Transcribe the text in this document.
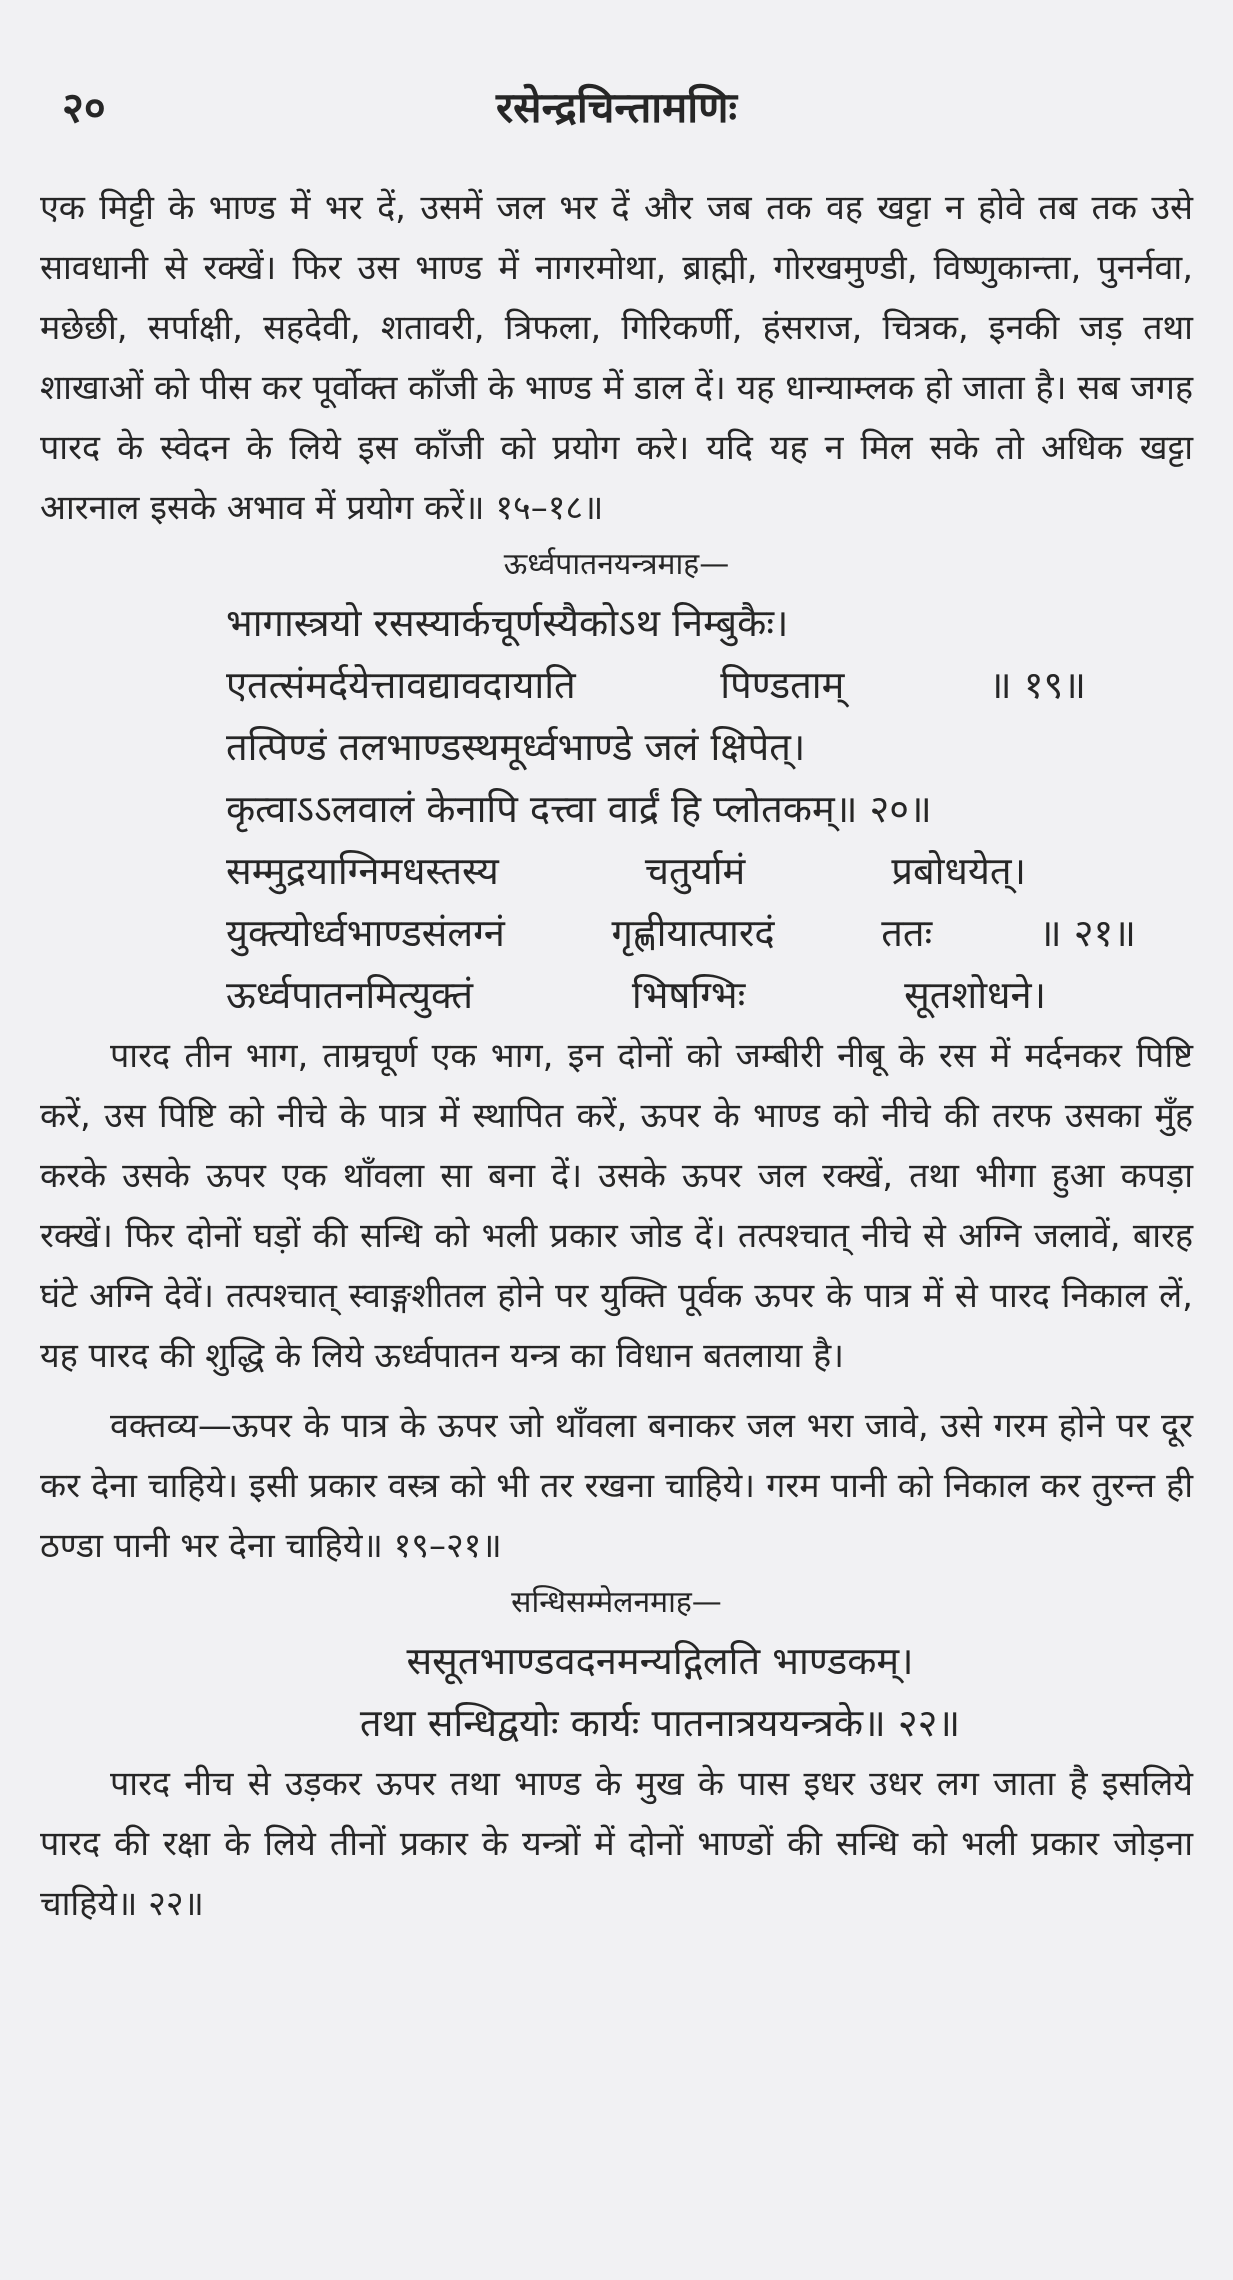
२०	रसेन्द्रचिन्तामणिः

एक मिट्टी के भाण्ड में भर दें, उसमें जल भर दें और जब तक वह खट्टा न होवे तब तक उसे सावधानी से रक्खें। फिर उस भाण्ड में नागरमोथा, ब्राह्मी, गोरखमुण्डी, विष्णुकान्ता, पुनर्नवा, मछेछी, सर्पाक्षी, सहदेवी, शतावरी, त्रिफला, गिरिकर्णी, हंसराज, चित्रक, इनकी जड़ तथा शाखाओं को पीस कर पूर्वोक्त काँजी के भाण्ड में डाल दें। यह धान्याम्लक हो जाता है। सब जगह पारद के स्वेदन के लिये इस काँजी को प्रयोग करे। यदि यह न मिल सके तो अधिक खट्टा आरनाल इसके अभाव में प्रयोग करें॥ १५–१८॥

ऊर्ध्वपातनयन्त्रमाह—
भागास्त्रयो रसस्यार्कचूर्णस्यैकोऽथ निम्बुकैः।
एतत्संमर्दयेत्तावद्यावदायाति	पिण्डताम्	॥ १९॥
तत्पिण्डं तलभाण्डस्थमूर्ध्वभाण्डे जलं क्षिपेत्।
कृत्वाऽऽलवालं केनापि दत्त्वा वार्द्रं हि प्लोतकम्॥ २०॥
सम्मुद्रयाग्निमधस्तस्य	चतुर्यामं	प्रबोधयेत्।
युक्त्योर्ध्वभाण्डसंलग्नं	गृह्णीयात्पारदं	ततः	॥ २१॥
ऊर्ध्वपातनमित्युक्तं	भिषग्भिः	सूतशोधने।

पारद तीन भाग, ताम्रचूर्ण एक भाग, इन दोनों को जम्बीरी नीबू के रस में मर्दनकर पिष्टि करें, उस पिष्टि को नीचे के पात्र में स्थापित करें, ऊपर के भाण्ड को नीचे की तरफ उसका मुँह करके उसके ऊपर एक थाँवला सा बना दें। उसके ऊपर जल रक्खें, तथा भीगा हुआ कपड़ा रक्खें। फिर दोनों घड़ों की सन्धि को भली प्रकार जोड दें। तत्पश्चात् नीचे से अग्नि जलावें, बारह घंटे अग्नि देवें। तत्पश्चात् स्वाङ्गशीतल होने पर युक्ति पूर्वक ऊपर के पात्र में से पारद निकाल लें, यह पारद की शुद्धि के लिये ऊर्ध्वपातन यन्त्र का विधान बतलाया है।

वक्तव्य—ऊपर के पात्र के ऊपर जो थाँवला बनाकर जल भरा जावे, उसे गरम होने पर दूर कर देना चाहिये। इसी प्रकार वस्त्र को भी तर रखना चाहिये। गरम पानी को निकाल कर तुरन्त ही ठण्डा पानी भर देना चाहिये॥ १९–२१॥

सन्धिसम्मेलनमाह—
ससूतभाण्डवदनमन्यद्गिलति भाण्डकम्।
तथा सन्धिद्वयोः कार्यः पातनात्रययन्त्रके॥ २२॥

पारद नीच से उड़कर ऊपर तथा भाण्ड के मुख के पास इधर उधर लग जाता है इसलिये पारद की रक्षा के लिये तीनों प्रकार के यन्त्रों में दोनों भाण्डों की सन्धि को भली प्रकार जोड़ना चाहिये॥ २२॥
